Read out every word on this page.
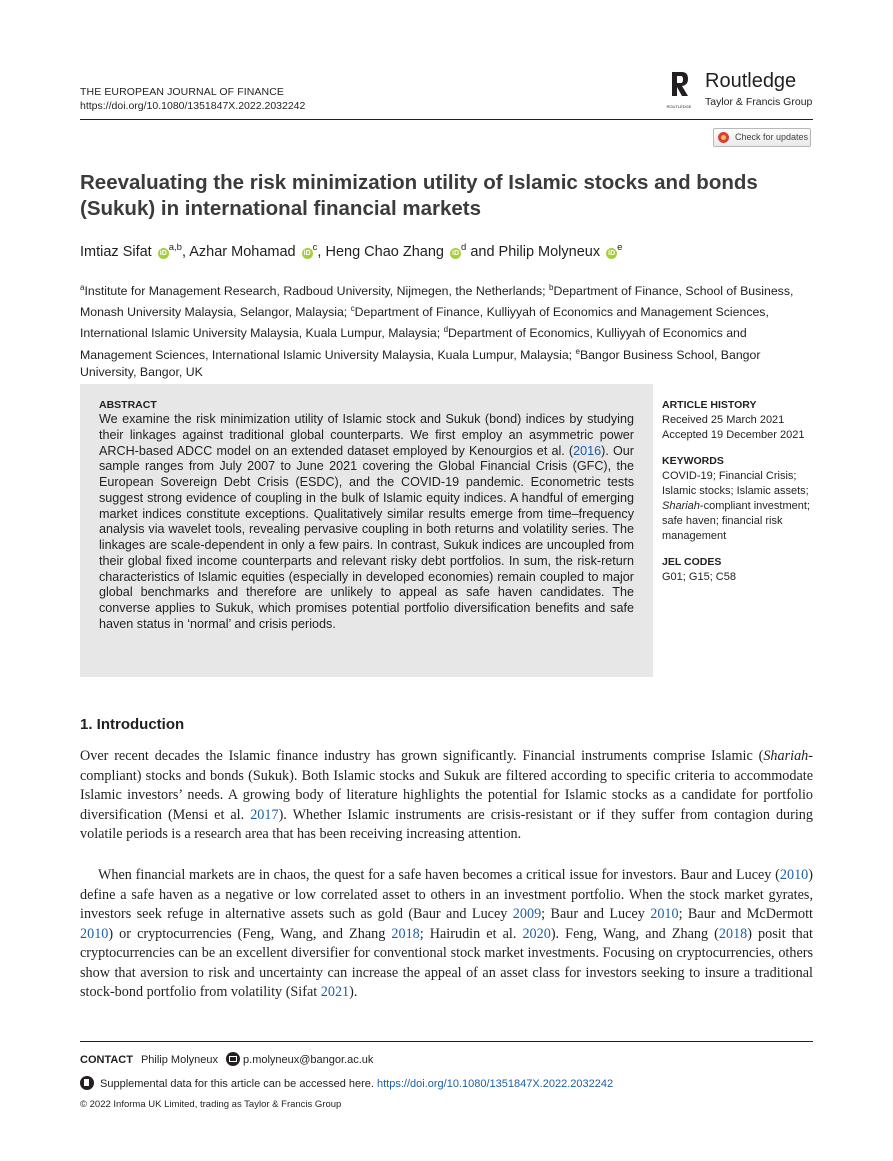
THE EUROPEAN JOURNAL OF FINANCE
https://doi.org/10.1080/1351847X.2022.2032242	ROUTLEDGE
Routledge
Taylor & Francis Group
Check for updates
Reevaluating the risk minimization utility of Islamic stocks and bonds (Sukuk) in international financial markets
Imtiaz Sifat iD$^{a,b}$, Azhar Mohamad $iD^c$, Heng Chao Zhang $iD^d$ and Philip Molyneux $iD^e$
$^a$Institute for Management Research, Radboud University, Nijmegen, the Netherlands; $^b$Department of Finance, School of Business, Monash University Malaysia, Selangor, Malaysia; $^c$Department of Finance, Kulliyyah of Economics and Management Sciences, International Islamic University Malaysia, Kuala Lumpur, Malaysia; $^d$Department of Economics, Kulliyyah of Economics and Management Sciences, International Islamic University Malaysia, Kuala Lumpur, Malaysia; $^e$Bangor Business School, Bangor University, Bangor, UK
ABSTRACT
We examine the risk minimization utility of Islamic stock and Sukuk (bond) indices by studying their linkages against traditional global counterparts. We first employ an asymmetric power ARCH-based ADCC model on an extended dataset employed by Kenourgios et al. (2016). Our sample ranges from July 2007 to June 2021 covering the Global Financial Crisis (GFC), the European Sovereign Debt Crisis (ESDC), and the COVID-19 pandemic. Econometric tests suggest strong evidence of coupling in the bulk of Islamic equity indices. A handful of emerging market indices constitute exceptions. Qualitatively similar results emerge from time–frequency analysis via wavelet tools, revealing pervasive coupling in both returns and volatility series. The linkages are scale-dependent in only a few pairs. In contrast, Sukuk indices are uncoupled from their global fixed income counterparts and relevant risky debt portfolios. In sum, the risk-return characteristics of Islamic equities (especially in developed economies) remain coupled to major global benchmarks and therefore are unlikely to appeal as safe haven candidates. The converse applies to Sukuk, which promises potential portfolio diversification benefits and safe haven status in ‘normal’ and crisis periods.
ARTICLE HISTORY
Received 25 March 2021
Accepted 19 December 2021
KEYWORDS
COVID-19; Financial Crisis; Islamic stocks; Islamic assets; Shariah-compliant investment; safe haven; financial risk management
JEL CODES
G01; G15; C58
1. Introduction
Over recent decades the Islamic finance industry has grown significantly. Financial instruments comprise Islamic (Shariah-compliant) stocks and bonds (Sukuk). Both Islamic stocks and Sukuk are filtered according to specific criteria to accommodate Islamic investors’ needs. A growing body of literature highlights the potential for Islamic stocks as a candidate for portfolio diversification (Mensi et al. 2017). Whether Islamic instruments are crisis-resistant or if they suffer from contagion during volatile periods is a research area that has been receiving increasing attention.
When financial markets are in chaos, the quest for a safe haven becomes a critical issue for investors. Baur and Lucey (2010) define a safe haven as a negative or low correlated asset to others in an investment portfolio. When the stock market gyrates, investors seek refuge in alternative assets such as gold (Baur and Lucey 2009; Baur and Lucey 2010; Baur and McDermott 2010) or cryptocurrencies (Feng, Wang, and Zhang 2018; Hairudin et al. 2020). Feng, Wang, and Zhang (2018) posit that cryptocurrencies can be an excellent diversifier for conventional stock market investments. Focusing on cryptocurrencies, others show that aversion to risk and uncertainty can increase the appeal of an asset class for investors seeking to insure a traditional stock-bond portfolio from volatility (Sifat 2021).
CONTACT Philip Molyneux p.molyneux@bangor.ac.uk
Supplemental data for this article can be accessed here. https://doi.org/10.1080/1351847X.2022.2032242
© 2022 Informa UK Limited, trading as Taylor & Francis Group
